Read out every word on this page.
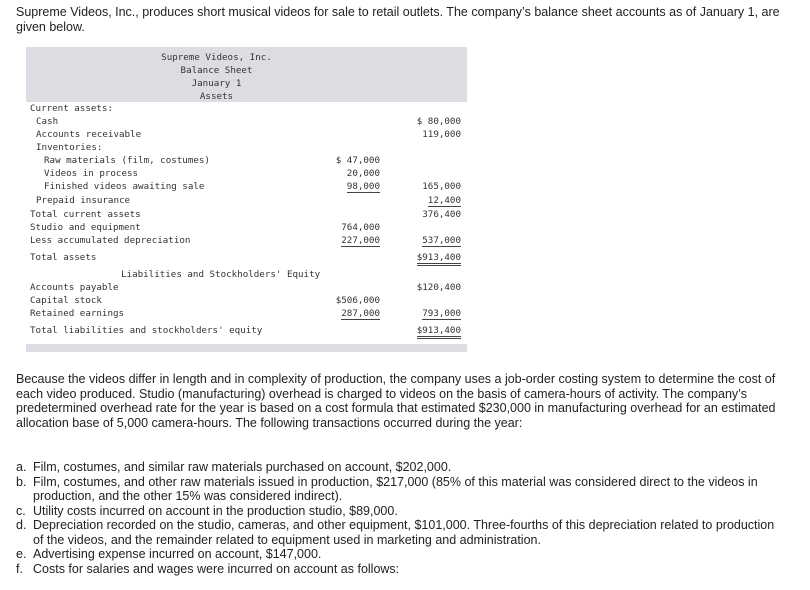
Supreme Videos, Inc., produces short musical videos for sale to retail outlets. The company’s balance sheet accounts as of January 1, are given below.

Supreme Videos, Inc.
Balance Sheet
January 1
Assets
Current assets:
Cash	$ 80,000
Accounts receivable	119,000
Inventories:
Raw materials (film, costumes)	$ 47,000
Videos in process	20,000
Finished videos awaiting sale	98,000	165,000
Prepaid insurance	12,400
Total current assets	376,400
Studio and equipment	764,000
Less accumulated depreciation	227,000	537,000
Total assets	$913,400
Liabilities and Stockholders' Equity
Accounts payable	$120,400
Capital stock	$506,000
Retained earnings	287,000	793,000
Total liabilities and stockholders' equity	$913,400

Because the videos differ in length and in complexity of production, the company uses a job-order costing system to determine the cost of each video produced. Studio (manufacturing) overhead is charged to videos on the basis of camera-hours of activity. The company’s predetermined overhead rate for the year is based on a cost formula that estimated $230,000 in manufacturing overhead for an estimated allocation base of 5,000 camera-hours. The following transactions occurred during the year:

a. Film, costumes, and similar raw materials purchased on account, $202,000.
b. Film, costumes, and other raw materials issued in production, $217,000 (85% of this material was considered direct to the videos in production, and the other 15% was considered indirect).
c. Utility costs incurred on account in the production studio, $89,000.
d. Depreciation recorded on the studio, cameras, and other equipment, $101,000. Three-fourths of this depreciation related to production of the videos, and the remainder related to equipment used in marketing and administration.
e. Advertising expense incurred on account, $147,000.
f. Costs for salaries and wages were incurred on account as follows:
